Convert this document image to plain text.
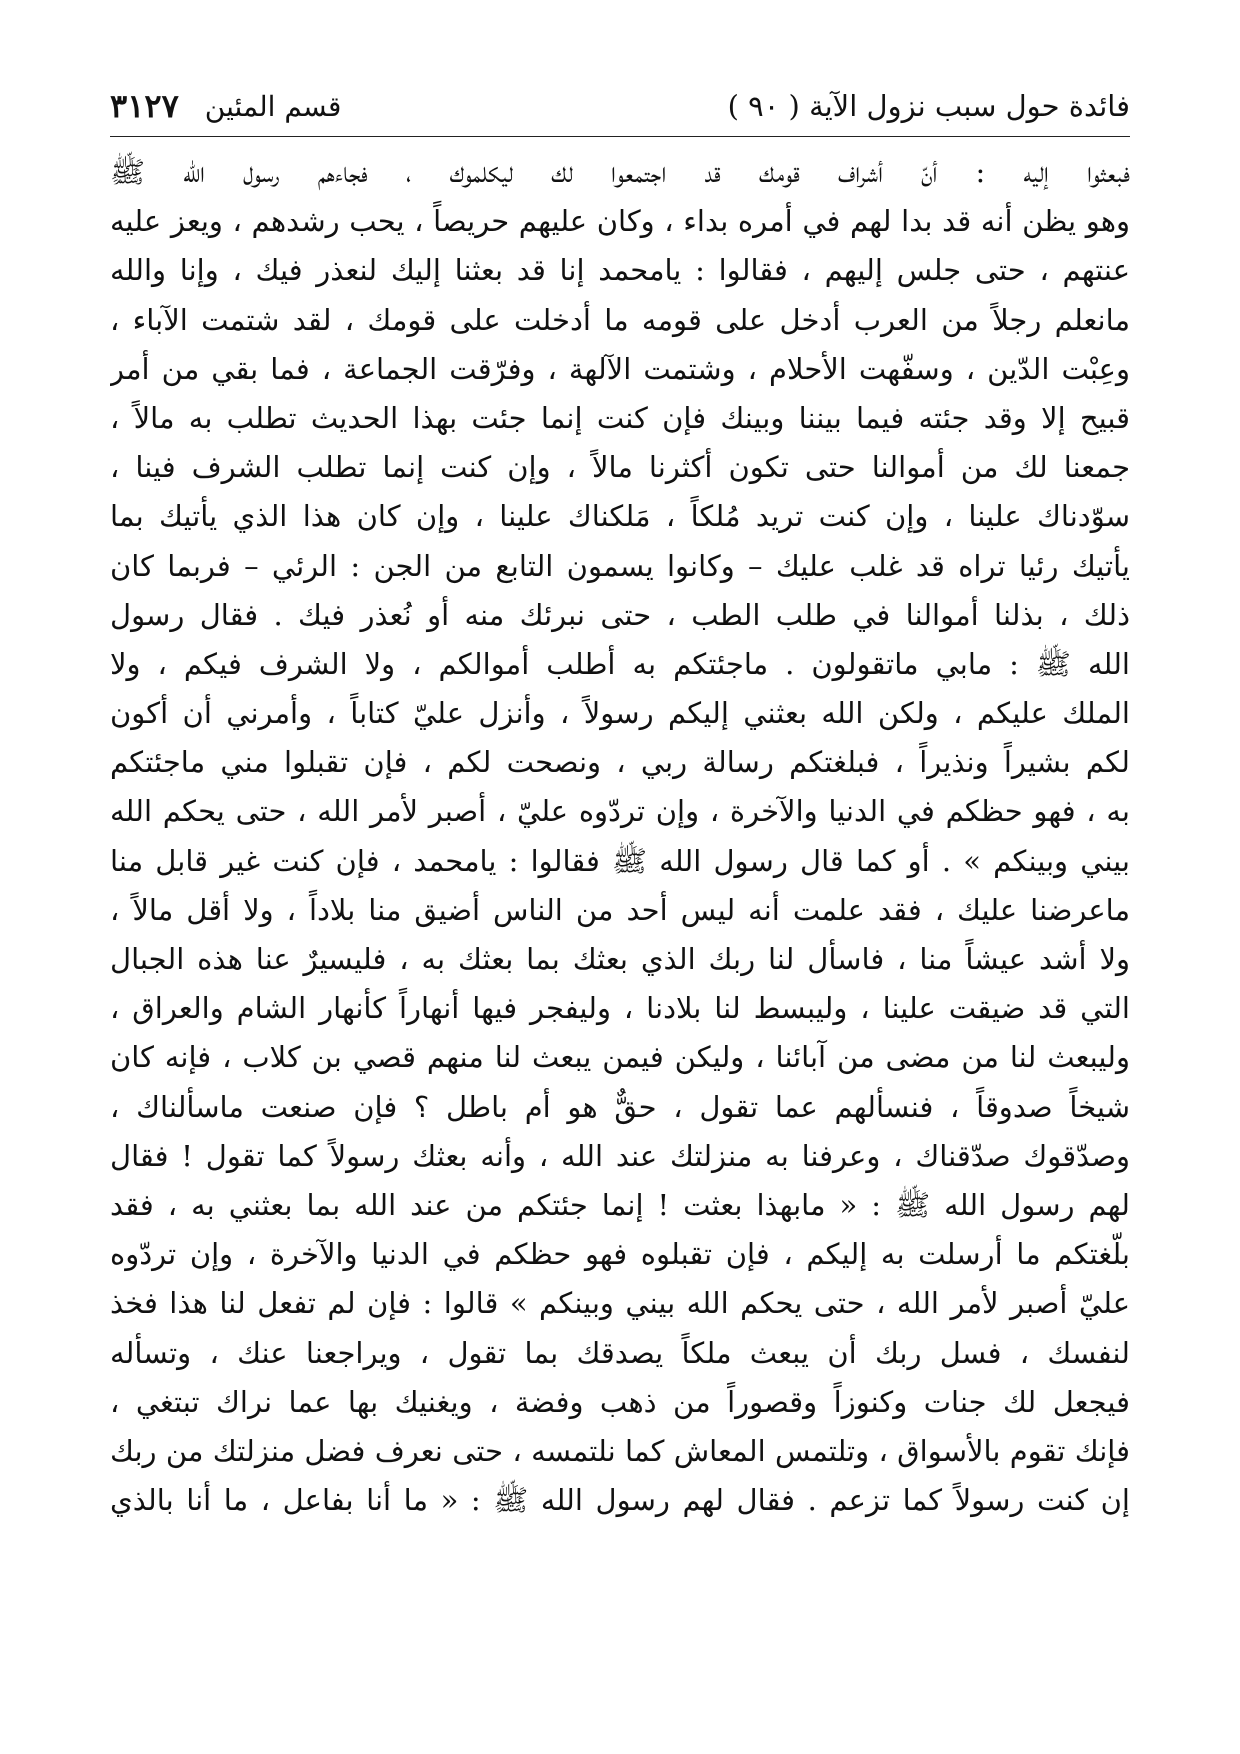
فائدة حول سبب نزول الآية ( ٩٠ )
قسم المئين
٣١٢٧
فبعثوا إليه : أنّ أشراف قومك قد اجتمعوا لك ليكلموك ، فجاءهم رسول الله ﷺ
وهو يظن أنه قد بدا لهم في أمره بداء ، وكان عليهم حريصاً ، يحب رشدهم ، ويعز عليه
عنتهم ، حتى جلس إليهم ، فقالوا : يامحمد إنا قد بعثنا إليك لنعذر فيك ، وإنا والله
مانعلم رجلاً من العرب أدخل على قومه ما أدخلت على قومك ، لقد شتمت الآباء ،
وعِبْت الدّين ، وسفّهت الأحلام ، وشتمت الآلهة ، وفرّقت الجماعة ، فما بقي من أمر
قبيح إلا وقد جئته فيما بيننا وبينك فإن كنت إنما جئت بهذا الحديث تطلب به مالاً ،
جمعنا لك من أموالنا حتى تكون أكثرنا مالاً ، وإن كنت إنما تطلب الشرف فينا ،
سوّدناك علينا ، وإن كنت تريد مُلكاً ، مَلكناك علينا ، وإن كان هذا الذي يأتيك بما
يأتيك رئيا تراه قد غلب عليك – وكانوا يسمون التابع من الجن : الرئي – فربما كان
ذلك ، بذلنا أموالنا في طلب الطب ، حتى نبرئك منه أو نُعذر فيك . فقال رسول
الله ﷺ : مابي ماتقولون . ماجئتكم به أطلب أموالكم ، ولا الشرف فيكم ، ولا
الملك عليكم ، ولكن الله بعثني إليكم رسولاً ، وأنزل عليّ كتاباً ، وأمرني أن أكون
لكم بشيراً ونذيراً ، فبلغتكم رسالة ربي ، ونصحت لكم ، فإن تقبلوا مني ماجئتكم
به ، فهو حظكم في الدنيا والآخرة ، وإن تردّوه عليّ ، أصبر لأمر الله ، حتى يحكم الله
بيني وبينكم » . أو كما قال رسول الله ﷺ فقالوا : يامحمد ، فإن كنت غير قابل منا
ماعرضنا عليك ، فقد علمت أنه ليس أحد من الناس أضيق منا بلاداً ، ولا أقل مالاً ،
ولا أشد عيشاً منا ، فاسأل لنا ربك الذي بعثك بما بعثك به ، فليسيرٌ عنا هذه الجبال
التي قد ضيقت علينا ، وليبسط لنا بلادنا ، وليفجر فيها أنهاراً كأنهار الشام والعراق ،
وليبعث لنا من مضى من آبائنا ، وليكن فيمن يبعث لنا منهم قصي بن كلاب ، فإنه كان
شيخاً صدوقاً ، فنسألهم عما تقول ، حقٌّ هو أم باطل ؟ فإن صنعت ماسألناك ،
وصدّقوك صدّقناك ، وعرفنا به منزلتك عند الله ، وأنه بعثك رسولاً كما تقول ! فقال
لهم رسول الله ﷺ : « مابهذا بعثت ! إنما جئتكم من عند الله بما بعثني به ، فقد
بلّغتكم ما أرسلت به إليكم ، فإن تقبلوه فهو حظكم في الدنيا والآخرة ، وإن تردّوه
عليّ أصبر لأمر الله ، حتى يحكم الله بيني وبينكم » قالوا : فإن لم تفعل لنا هذا فخذ
لنفسك ، فسل ربك أن يبعث ملكاً يصدقك بما تقول ، ويراجعنا عنك ، وتسأله
فيجعل لك جنات وكنوزاً وقصوراً من ذهب وفضة ، ويغنيك بها عما نراك تبتغي ،
فإنك تقوم بالأسواق ، وتلتمس المعاش كما نلتمسه ، حتى نعرف فضل منزلتك من ربك
إن كنت رسولاً كما تزعم . فقال لهم رسول الله ﷺ : « ما أنا بفاعل ، ما أنا بالذي
